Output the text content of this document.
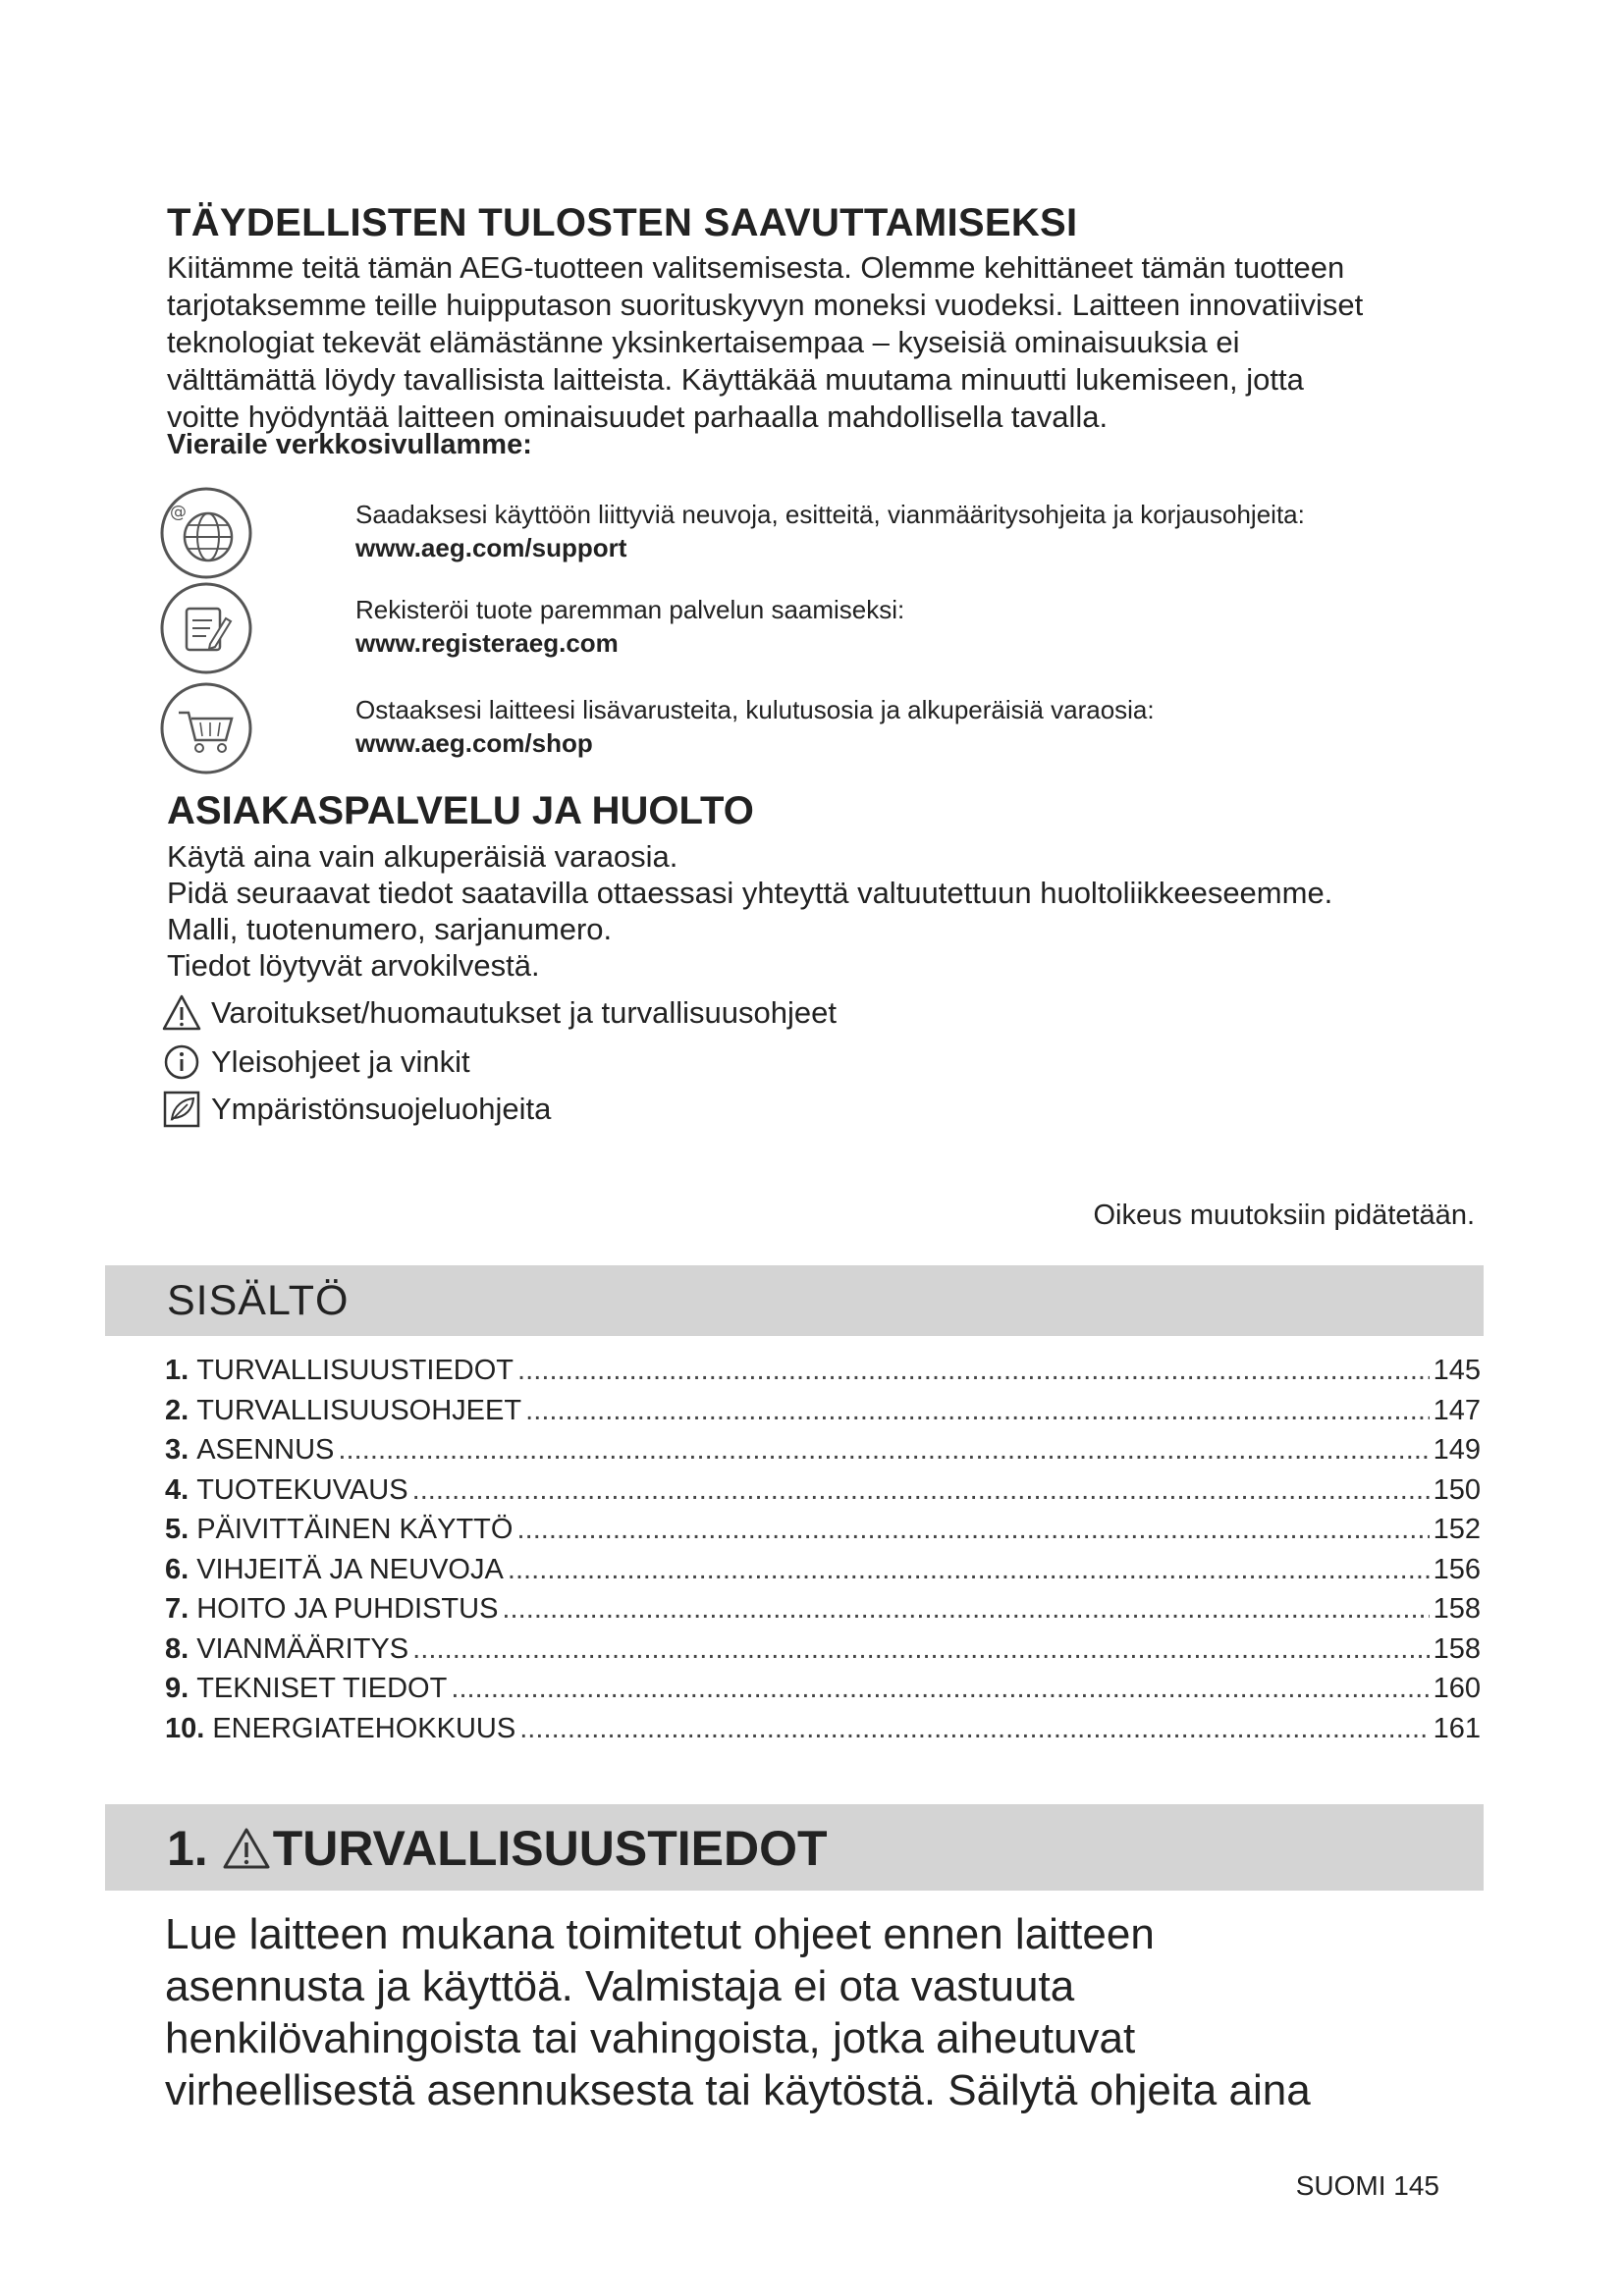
TÄYDELLISTEN TULOSTEN SAAVUTTAMISEKSI

Kiitämme teitä tämän AEG-tuotteen valitsemisesta. Olemme kehittäneet tämän tuotteen

tarjotaksemme teille huipputason suorituskyvyn moneksi vuodeksi. Laitteen innovatiiviset

teknologiat tekevät elämästänne yksinkertaisempaa – kyseisiä ominaisuuksia ei

välttämättä löydy tavallisista laitteista. Käyttäkää muutama minuutti lukemiseen, jotta

voitte hyödyntää laitteen ominaisuudet parhaalla mahdollisella tavalla.

Vieraile verkkosivullamme:
@	Saadaksesi käyttöön liittyviä neuvoja, esitteitä, vianmääritysohjeita ja korjausohjeita:
www.aeg.com/support
Rekisteröi tuote paremman palvelun saamiseksi:
www.registeraeg.com
Ostaaksesi laitteesi lisävarusteita, kulutusosia ja alkuperäisiä varaosia:
www.aeg.com/shop
ASIAKASPALVELU JA HUOLTO

Käytä aina vain alkuperäisiä varaosia.

Pidä seuraavat tiedot saatavilla ottaessasi yhteyttä valtuutettuun huoltoliikkeeseemme.

Malli, tuotenumero, sarjanumero.

Tiedot löytyvät arvokilvestä.

Varoitukset/huomautukset ja turvallisuusohjeet
Yleisohjeet ja vinkit
Ympäristönsuojeluohjeita
Oikeus muutoksiin pidätetään.
SISÄLTÖ
1. TURVALLISUUSTIEDOT . . .	145
2. TURVALLISUUSOHJEET . . .	147
3. ASENNUS . . .	149
4. TUOTEKUVAUS . . .	150
5. PÄIVITTÄINEN KÄYTTÖ . . .	152
6. VIHJEITÄ JA NEUVOJA . . .	156
7. HOITO JA PUHDISTUS . . .	158
8. VIANMÄÄRITYS . . .	158
9. TEKNISET TIEDOT . . .	160
10. ENERGIATEHOKKUUS . . .	161
1. TURVALLISUUSTIEDOT

Lue laitteen mukana toimitetut ohjeet ennen laitteen

asennusta ja käyttöä. Valmistaja ei ota vastuuta

henkilövahingoista tai vahingoista, jotka aiheutuvat

virheellisestä asennuksesta tai käytöstä. Säilytä ohjeita aina

SUOMI 145
